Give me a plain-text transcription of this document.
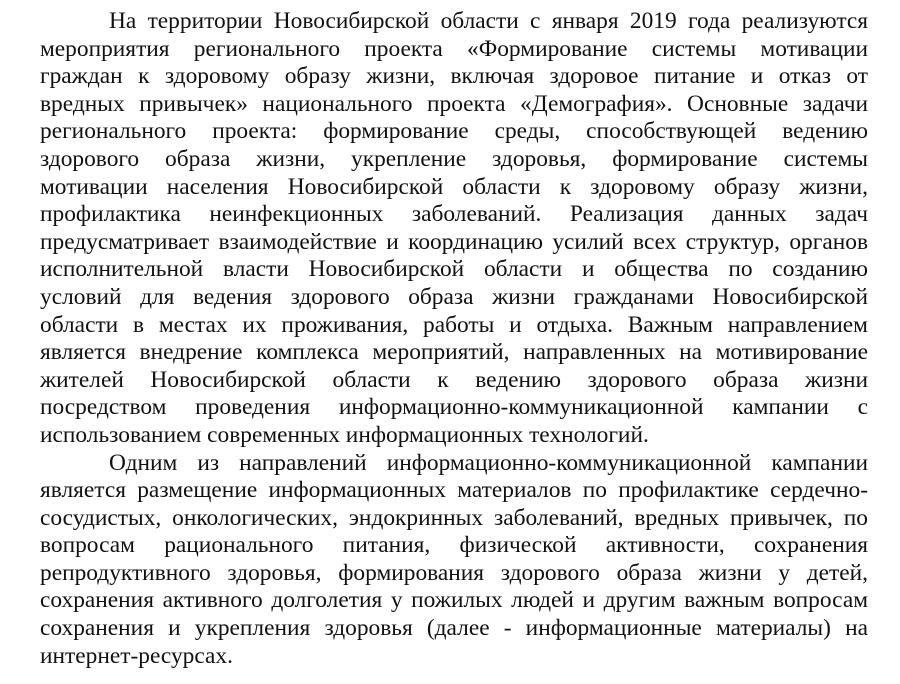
На территории Новосибирской области с января 2019 года реализуются
мероприятия регионального проекта «Формирование системы мотивации
граждан к здоровому образу жизни, включая здоровое питание и отказ от
вредных привычек» национального проекта «Демография». Основные задачи
регионального проекта: формирование среды, способствующей ведению
здорового образа жизни, укрепление здоровья, формирование системы
мотивации населения Новосибирской области к здоровому образу жизни,
профилактика неинфекционных заболеваний. Реализация данных задач
предусматривает взаимодействие и координацию усилий всех структур, органов
исполнительной власти Новосибирской области и общества по созданию
условий для ведения здорового образа жизни гражданами Новосибирской
области в местах их проживания, работы и отдыха. Важным направлением
является внедрение комплекса мероприятий, направленных на мотивирование
жителей Новосибирской области к ведению здорового образа жизни
посредством проведения информационно-коммуникационной кампании с
использованием современных информационных технологий.

Одним из направлений информационно-коммуникационной кампании
является размещение информационных материалов по профилактике сердечно-
сосудистых, онкологических, эндокринных заболеваний, вредных привычек, по
вопросам рационального питания, физической активности, сохранения
репродуктивного здоровья, формирования здорового образа жизни у детей,
сохранения активного долголетия у пожилых людей и другим важным вопросам
сохранения и укрепления здоровья (далее - информационные материалы) на
интернет-ресурсах.
